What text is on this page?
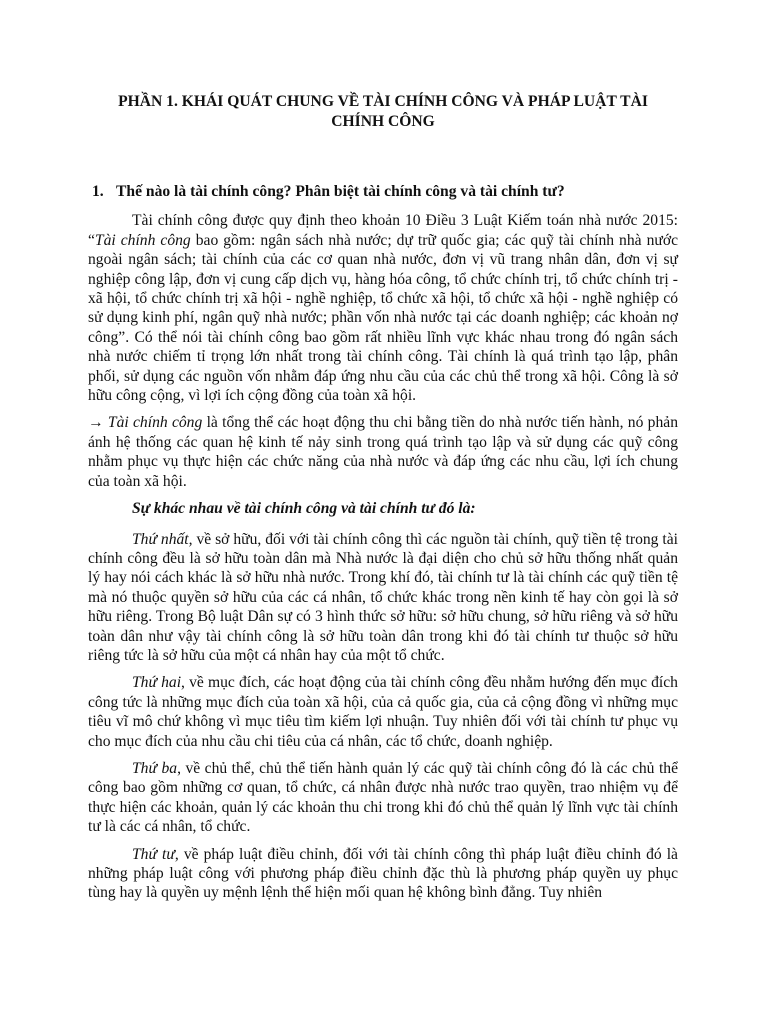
PHẦN 1. KHÁI QUÁT CHUNG VỀ TÀI CHÍNH CÔNG VÀ PHÁP LUẬT TÀI CHÍNH CÔNG
1. Thế nào là tài chính công? Phân biệt tài chính công và tài chính tư?

Tài chính công được quy định theo khoản 10 Điều 3 Luật Kiếm toán nhà nước 2015: “Tài chính công bao gồm: ngân sách nhà nước; dự trữ quốc gia; các quỹ tài chính nhà nước ngoài ngân sách; tài chính của các cơ quan nhà nước, đơn vị vũ trang nhân dân, đơn vị sự nghiệp công lập, đơn vị cung cấp dịch vụ, hàng hóa công, tổ chức chính trị, tổ chức chính trị - xã hội, tổ chức chính trị xã hội - nghề nghiệp, tổ chức xã hội, tổ chức xã hội - nghề nghiệp có sử dụng kinh phí, ngân quỹ nhà nước; phần vốn nhà nước tại các doanh nghiệp; các khoản nợ công”. Có thể nói tài chính công bao gồm rất nhiều lĩnh vực khác nhau trong đó ngân sách nhà nước chiếm tỉ trọng lớn nhất trong tài chính công. Tài chính là quá trình tạo lập, phân phối, sử dụng các nguồn vốn nhằm đáp ứng nhu cầu của các chủ thể trong xã hội. Công là sở hữu công cộng, vì lợi ích cộng đồng của toàn xã hội.

→ Tài chính công là tổng thể các hoạt động thu chi bằng tiền do nhà nước tiến hành, nó phản ánh hệ thống các quan hệ kinh tế nảy sinh trong quá trình tạo lập và sử dụng các quỹ công nhằm phục vụ thực hiện các chức năng của nhà nước và đáp ứng các nhu cầu, lợi ích chung của toàn xã hội.

Sự khác nhau về tài chính công và tài chính tư đó là:

Thứ nhất, về sở hữu, đối với tài chính công thì các nguồn tài chính, quỹ tiền tệ trong tài chính công đều là sở hữu toàn dân mà Nhà nước là đại diện cho chủ sở hữu thống nhất quản lý hay nói cách khác là sở hữu nhà nước. Trong khí đó, tài chính tư là tài chính các quỹ tiền tệ mà nó thuộc quyền sở hữu của các cá nhân, tổ chức khác trong nền kinh tế hay còn gọi là sở hữu riêng. Trong Bộ luật Dân sự có 3 hình thức sở hữu: sở hữu chung, sở hữu riêng và sở hữu toàn dân như vậy tài chính công là sở hữu toàn dân trong khi đó tài chính tư thuộc sở hữu riêng tức là sở hữu của một cá nhân hay của một tổ chức.

Thứ hai, về mục đích, các hoạt động của tài chính công đều nhằm hướng đến mục đích công tức là những mục đích của toàn xã hội, của cả quốc gia, của cả cộng đồng vì những mục tiêu vĩ mô chứ không vì mục tiêu tìm kiếm lợi nhuận. Tuy nhiên đối với tài chính tư phục vụ cho mục đích của nhu cầu chi tiêu của cá nhân, các tổ chức, doanh nghiệp.

Thứ ba, về chủ thể, chủ thể tiến hành quản lý các quỹ tài chính công đó là các chủ thể công bao gồm những cơ quan, tổ chức, cá nhân được nhà nước trao quyền, trao nhiệm vụ để thực hiện các khoản, quản lý các khoản thu chi trong khi đó chủ thể quản lý lĩnh vực tài chính tư là các cá nhân, tổ chức.

Thứ tư, về pháp luật điều chỉnh, đối với tài chính công thì pháp luật điều chỉnh đó là những pháp luật công với phương pháp điều chỉnh đặc thù là phương pháp quyền uy phục tùng hay là quyền uy mệnh lệnh thể hiện mối quan hệ không bình đẳng. Tuy nhiên
